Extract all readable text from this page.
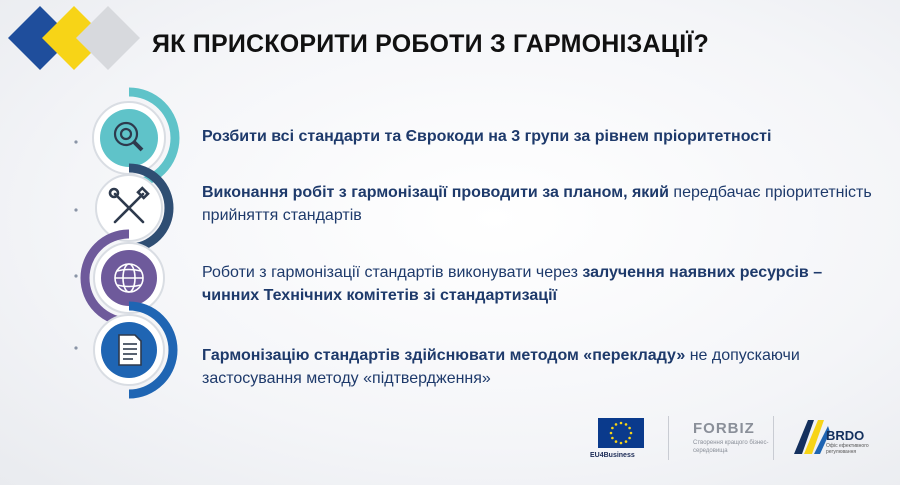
ЯК ПРИСКОРИТИ РОБОТИ З ГАРМОНІЗАЦІЇ?
Розбити всі стандарти та Єврокоди на 3 групи за рівнем пріоритетності
Виконання робіт з гармонізації проводити за планом, який передбачає пріоритетність прийняття стандартів
Роботи з гармонізації стандартів виконувати через залучення наявних ресурсів – чинних Технічних комітетів зі стандартизації
Гармонізацію стандартів здійснювати методом «перекладу» не допускаючи застосування методу «підтвердження»
EU4Business
FORBIZ
Створення кращого бізнес-середовища
BRDO
Офіс ефективного регулювання
